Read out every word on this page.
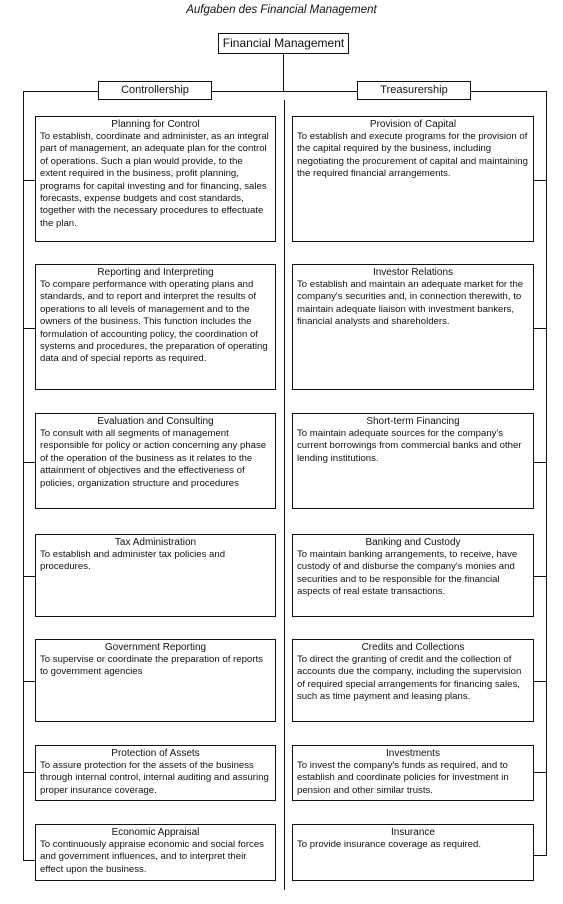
Aufgaben des Financial Management
Financial Management
Controllership	Treasurership
Planning for Control
To establish, coordinate and administer, as an integral part of management, an adequate plan for the control of operations. Such a plan would provide, to the extent required in the business, profit planning, programs for capital investing and for financing, sales forecasts, expense budgets and cost standards, together with the necessary procedures to effectuate the plan.
Reporting and Interpreting
To compare performance with operating plans and standards, and to report and interpret the results of operations to all levels of management and to the owners of the business. This function includes the formulation of accounting policy, the coordination of systems and procedures, the preparation of operating data and of special reports as required.
Evaluation and Consulting
To consult with all segments of management responsible for policy or action concerning any phase of the operation of the business as it relates to the attainment of objectives and the effectiveness of policies, organization structure and procedures
Tax Administration
To establish and administer tax policies and procedures.
Government Reporting
To supervise or coordinate the preparation of reports to government agencies
Protection of Assets
To assure protection for the assets of the business through internal control, internal auditing and assuring proper insurance coverage.
Economic Appraisal
To continuously appraise economic and social forces and government influences, and to interpret their effect upon the business.
Provision of Capital
To establish and execute programs for the provision of the capital required by the business, including negotiating the procurement of capital and maintaining the required financial arrangements.
Investor Relations
To establish and maintain an adequate market for the company's securities and, in connection therewith, to maintain adequate liaison with investment bankers, financial analysts and shareholders.
Short-term Financing
To maintain adequate sources for the company's current borrowings from commercial banks and other lending institutions.
Banking and Custody
To maintain banking arrangements, to receive, have custody of and disburse the company's monies and securities and to be responsible for the financial aspects of real estate transactions.
Credits and Collections
To direct the granting of credit and the collection of accounts due the company, including the supervision of required special arrangements for financing sales, such as time payment and leasing plans.
Investments
To invest the company's funds as required, and to establish and coordinate policies for investment in pension and other similar trusts.
Insurance
To provide insurance coverage as required.
